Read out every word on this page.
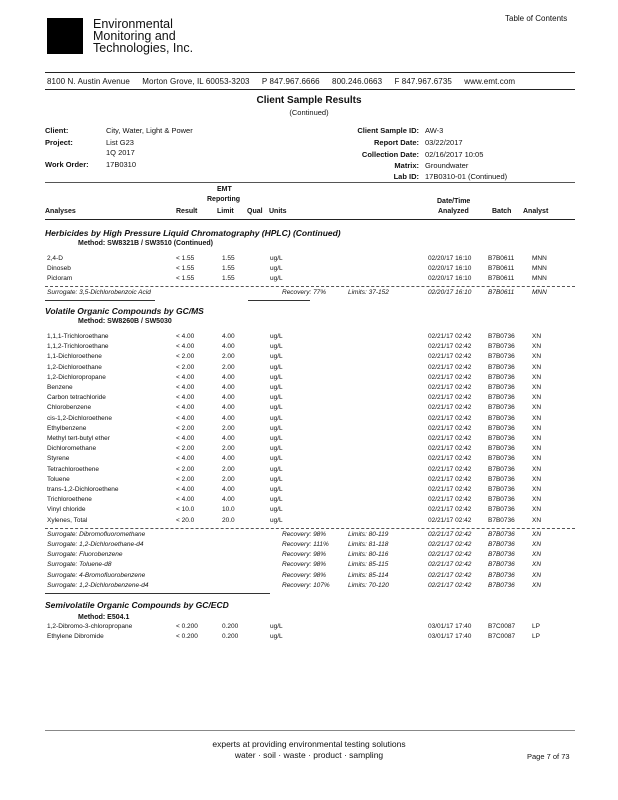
Table of Contents
Environmental
Monitoring and
Technologies, Inc.
8100 N. Austin Avenue Morton Grove, IL 60053-3203 P 847.967.6666 800.246.0663 F 847.967.6735 www.emt.com
Client Sample Results
(Continued)
Client:	City, Water, Light & Power
Project:	List G23
1Q 2017
Work Order: 17B0310
Client Sample ID: AW-3
Report Date: 03/22/2017
Collection Date: 02/16/2017 10:05
Matrix: Groundwater
Lab ID: 17B0310-01 (Continued)
EMT
Reporting	Date/Time
Analyses	Result	Limit Qual Units	Analyzed	Batch Analyst
Herbicides by High Pressure Liquid Chromatography (HPLC) (Continued)
Method: SW8321B / SW3510 (Continued)
2,4-D	< 1.55	1.55	ug/L	02/20/17 16:10	B7B0611	MNN
Dinoseb	< 1.55	1.55	ug/L	02/20/17 16:10	B7B0611	MNN
Picloram	< 1.55	1.55	ug/L	02/20/17 16:10	B7B0611	MNN
Surrogate: 3,5-Dichlorobenzoic Acid	Recovery: 77%	Limits: 37-152	02/20/17 16:10	B7B0611	MNN
Volatile Organic Compounds by GC/MS
Method: SW8260B / SW5030
1,1,1-Trichloroethane	< 4.00	4.00	ug/L	02/21/17 02:42	B7B0736	XN
1,1,2-Trichloroethane	< 4.00	4.00	ug/L	02/21/17 02:42	B7B0736	XN
1,1-Dichloroethene	< 2.00	2.00	ug/L	02/21/17 02:42	B7B0736	XN
1,2-Dichloroethane	< 2.00	2.00	ug/L	02/21/17 02:42	B7B0736	XN
1,2-Dichloropropane	< 4.00	4.00	ug/L	02/21/17 02:42	B7B0736	XN
Benzene	< 4.00	4.00	ug/L	02/21/17 02:42	B7B0736	XN
Carbon tetrachloride	< 4.00	4.00	ug/L	02/21/17 02:42	B7B0736	XN
Chlorobenzene	< 4.00	4.00	ug/L	02/21/17 02:42	B7B0736	XN
cis-1,2-Dichloroethene	< 4.00	4.00	ug/L	02/21/17 02:42	B7B0736	XN
Ethylbenzene	< 2.00	2.00	ug/L	02/21/17 02:42	B7B0736	XN
Methyl tert-butyl ether	< 4.00	4.00	ug/L	02/21/17 02:42	B7B0736	XN
Dichloromethane	< 2.00	2.00	ug/L	02/21/17 02:42	B7B0736	XN
Styrene	< 4.00	4.00	ug/L	02/21/17 02:42	B7B0736	XN
Tetrachloroethene	< 2.00	2.00	ug/L	02/21/17 02:42	B7B0736	XN
Toluene	< 2.00	2.00	ug/L	02/21/17 02:42	B7B0736	XN
trans-1,2-Dichloroethene	< 4.00	4.00	ug/L	02/21/17 02:42	B7B0736	XN
Trichloroethene	< 4.00	4.00	ug/L	02/21/17 02:42	B7B0736	XN
Vinyl chloride	< 10.0	10.0	ug/L	02/21/17 02:42	B7B0736	XN
Xylenes, Total	< 20.0	20.0	ug/L	02/21/17 02:42	B7B0736	XN
Surrogate: Dibromofluoromethane	Recovery: 98%	Limits: 80-119	02/21/17 02:42	B7B0736	XN
Surrogate: 1,2-Dichloroethane-d4	Recovery: 111%	Limits: 81-118	02/21/17 02:42	B7B0736	XN
Surrogate: Fluorobenzene	Recovery: 98%	Limits: 80-116	02/21/17 02:42	B7B0736	XN
Surrogate: Toluene-d8	Recovery: 98%	Limits: 85-115	02/21/17 02:42	B7B0736	XN
Surrogate: 4-Bromofluorobenzene	Recovery: 98%	Limits: 85-114	02/21/17 02:42	B7B0736	XN
Surrogate: 1,2-Dichlorobenzene-d4	Recovery: 107%	Limits: 70-120	02/21/17 02:42	B7B0736	XN
Semivolatile Organic Compounds by GC/ECD
Method: E504.1
1,2-Dibromo-3-chloropropane	< 0.200	0.200	ug/L	03/01/17 17:40	B7C0087	LP
Ethylene Dibromide	< 0.200	0.200	ug/L	03/01/17 17:40	B7C0087	LP
experts at providing environmental testing solutions
water · soil · waste · product · sampling	Page 7 of 73
